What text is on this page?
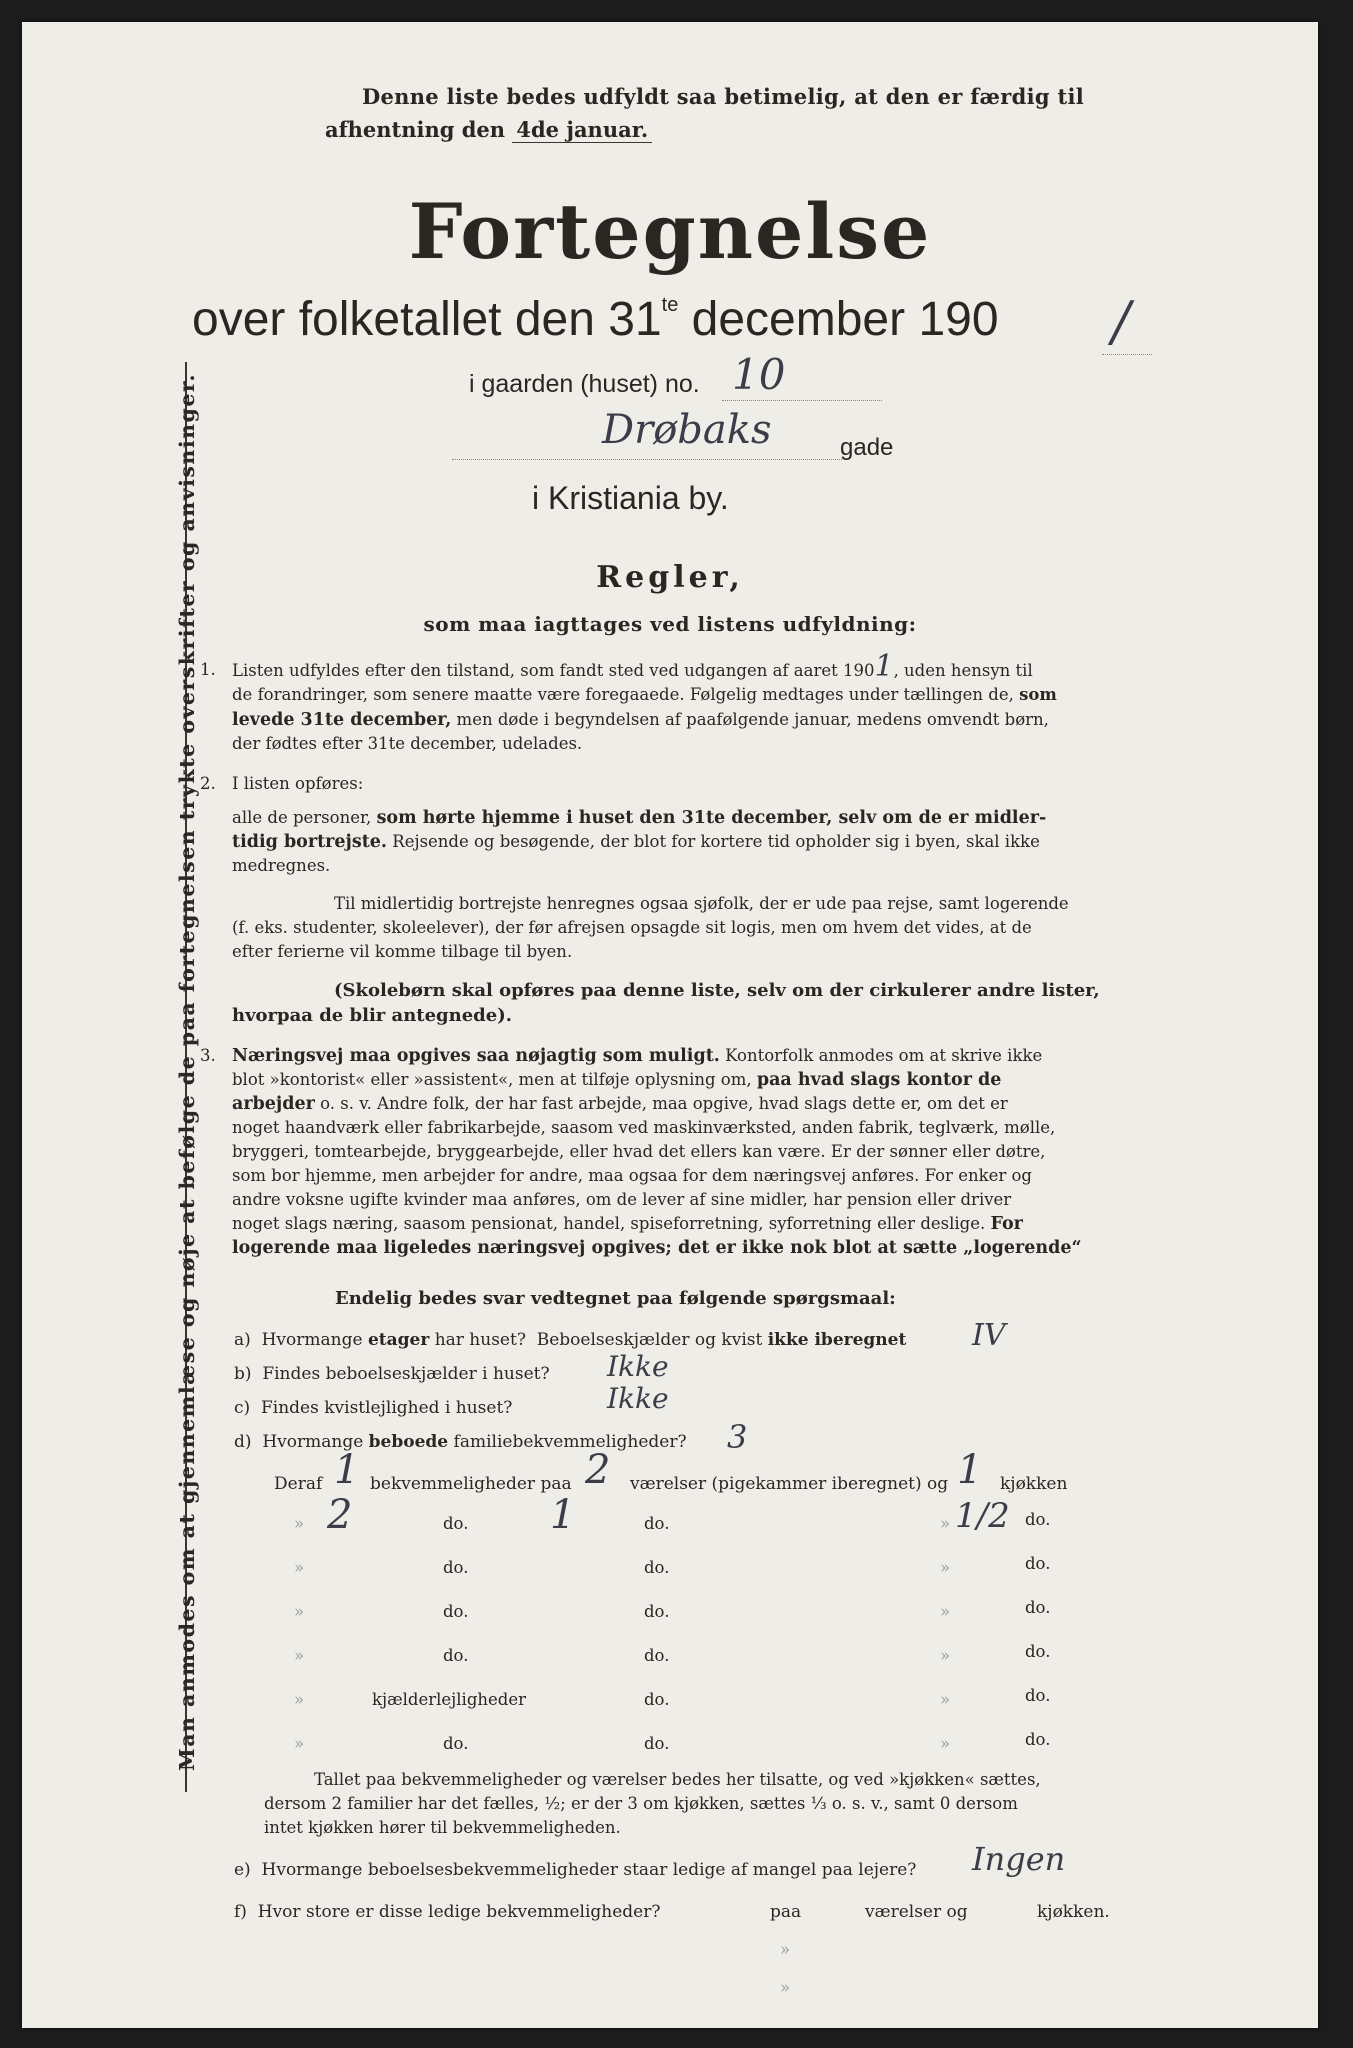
Man anmodes om at gjennemlæse og nøje at befølge de paa fortegnelsen trykte overskrifter og anvisninger.
Denne liste bedes udfyldt saa betimelig, at den er færdig til
afhentning den 4de januar.
Fortegnelse
over folketallet den $31^{te}$ december 190 /
i gaarden (huset) no. 10
Drøbaks	gade
i Kristiania by.
Regler,
som maa iagttages ved listens udfyldning:
1. Listen udfyldes efter den tilstand, som fandt sted ved udgangen af aaret 1901, uden hensyn til
de forandringer, som senere maatte være foregaaede. Følgelig medtages under tællingen de, som
levede 31te december, men døde i begyndelsen af paafølgende januar, medens omvendt børn,
der fødtes efter 31te december, udelades.
2. I listen opføres:
alle de personer, som hørte hjemme i huset den 31te december, selv om de er midler-
tidig bortrejste. Rejsende og besøgende, der blot for kortere tid opholder sig i byen, skal ikke
medregnes.
Til midlertidig bortrejste henregnes ogsaa sjøfolk, der er ude paa rejse, samt logerende
(f. eks. studenter, skoleelever), der før afrejsen opsagde sit logis, men om hvem det vides, at de
efter ferierne vil komme tilbage til byen.
(Skolebørn skal opføres paa denne liste, selv om der cirkulerer andre lister,
hvorpaa de blir antegnede).
3. Næringsvej maa opgives saa nøjagtig som muligt. Kontorfolk anmodes om at skrive ikke
blot »kontorist« eller »assistent«, men at tilføje oplysning om, paa hvad slags kontor de
arbejder o. s. v. Andre folk, der har fast arbejde, maa opgive, hvad slags dette er, om det er
noget haandværk eller fabrikarbejde, saasom ved maskinværksted, anden fabrik, teglværk, mølle,
bryggeri, tomtearbejde, bryggearbejde, eller hvad det ellers kan være. Er der sønner eller døtre,
som bor hjemme, men arbejder for andre, maa ogsaa for dem næringsvej anføres. For enker og
andre voksne ugifte kvinder maa anføres, om de lever af sine midler, har pension eller driver
noget slags næring, saasom pensionat, handel, spiseforretning, syforretning eller deslige. For
logerende maa ligeledes næringsvej opgives; det er ikke nok blot at sætte „logerende“
Endelig bedes svar vedtegnet paa følgende spørgsmaal:
a) Hvormange etager har huset? Beboelseskjælder og kvist ikke iberegnet IV
b) Findes beboelseskjælder i huset? Ikke
c) Findes kvistlejlighed i huset?	Ikke
d) Hvormange beboede familiebekvemmeligheder? 3
Deraf 1 bekvemmeligheder paa 2 værelser (pigekammer iberegnet) og 1 kjøkken
» 2	do. 1	do.	» 1/2 do.
»	do.	do.	»	do.
»	do.	do.	»	do.
»	do.	do.	»	do.
»	kjælderlejligheder	do.	»	do.
»	do.	do.	»	do.
Tallet paa bekvemmeligheder og værelser bedes her tilsatte, og ved »kjøkken« sættes,
dersom 2 familier har det fælles, ½; er der 3 om kjøkken, sættes ⅓ o. s. v., samt 0 dersom
intet kjøkken hører til bekvemmeligheden.
e) Hvormange beboelsesbekvemmeligheder staar ledige af mangel paa lejere? Ingen
f) Hvor store er disse ledige bekvemmeligheder?	paa	værelser og	kjøkken.
»
»
